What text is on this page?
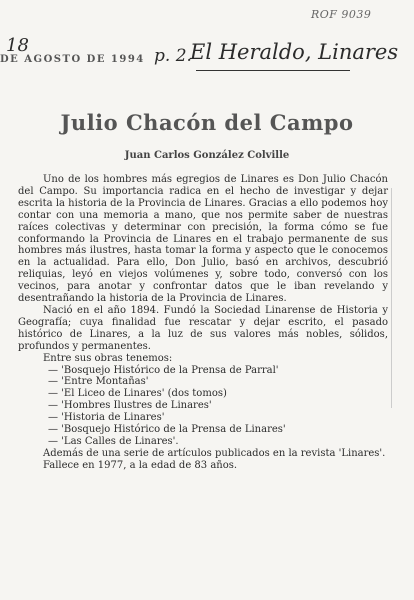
ROF 9039
18
DE AGOSTO DE 1994 p. 2.
El Heraldo, Linares
Julio Chacón del Campo
Juan Carlos González Colville

Uno de los hombres más egregios de Linares es Don Julio Chacón del Campo. Su importancia radica en el hecho de investigar y dejar escrita la historia de la Provincia de Linares. Gracias a ello podemos hoy contar con una memoria a mano, que nos permite saber de nuestras raíces colectivas y determinar con precisión, la forma cómo se fue conformando la Provincia de Linares en el trabajo permanente de sus hombres más ilustres, hasta tomar la forma y aspecto que le conocemos en la actualidad. Para ello, Don Julio, basó en archivos, descubrió reliquias, leyó en viejos volúmenes y, sobre todo, conversó con los vecinos, para anotar y confrontar datos que le iban revelando y desentrañando la historia de la Provincia de Linares.

Nació en el año 1894. Fundó la Sociedad Linarense de Historia y Geografía; cuya finalidad fue rescatar y dejar escrito, el pasado histórico de Linares, a la luz de sus valores más nobles, sólidos, profundos y permanentes.

Entre sus obras tenemos:

— 'Bosquejo Histórico de la Prensa de Parral'
— 'Entre Montañas'
— 'El Liceo de Linares' (dos tomos)
— 'Hombres Ilustres de Linares'
— 'Historia de Linares'
— 'Bosquejo Histórico de la Prensa de Linares'
— 'Las Calles de Linares'.

Además de una serie de artículos publicados en la revista 'Linares'.

Fallece en 1977, a la edad de 83 años.
